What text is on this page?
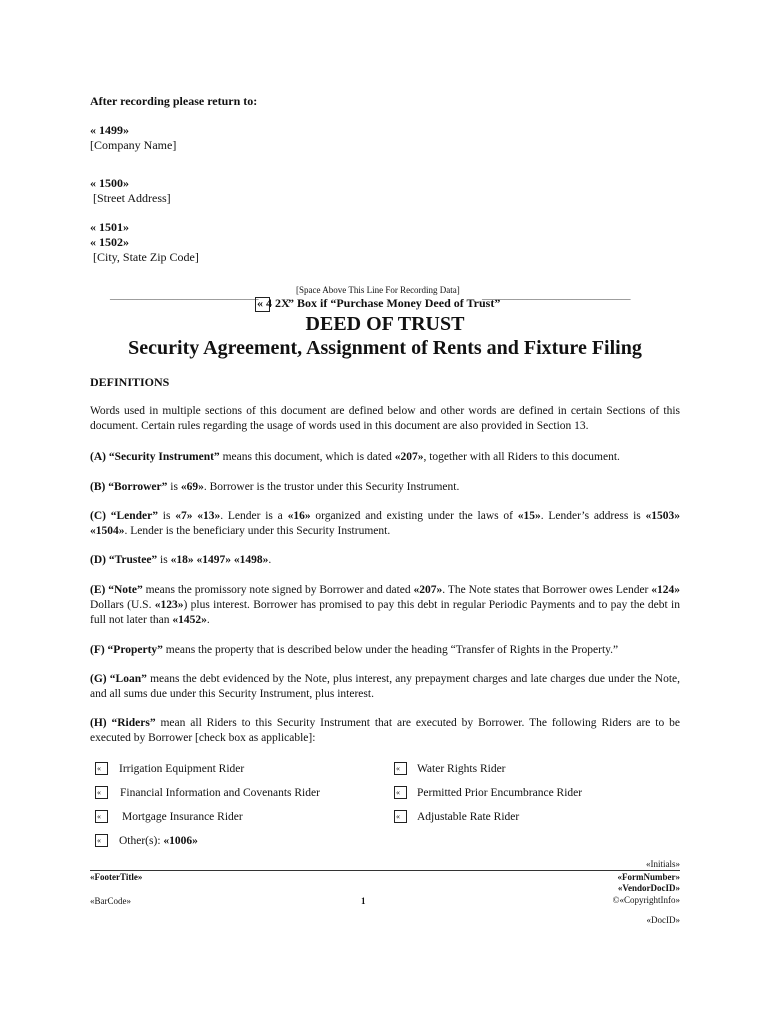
After recording please return to:
« 1499»
[Company Name]
« 1500»
[Street Address]
« 1501»
« 1502»
[City, State Zip Code]
_________________________________
[Space Above This Line For Recording Data]
_________________________________
« 4 2X
” Box if “Purchase Money Deed of Trust”
DEED OF TRUST
Security Agreement, Assignment of Rents and Fixture Filing
DEFINITIONS
Words used in multiple sections of this document are defined below and other words are defined in certain Sections of this document. Certain rules regarding the usage of words used in this document are also provided in Section 13.
(A) “Security Instrument” means this document, which is dated «207», together with all Riders to this document.
(B) “Borrower” is «69». Borrower is the trustor under this Security Instrument.
(C) “Lender” is «7» «13». Lender is a «16» organized and existing under the laws of «15». Lender’s address is «1503» «1504». Lender is the beneficiary under this Security Instrument.
(D) “Trustee” is «18» «1497» «1498».
(E) “Note” means the promissory note signed by Borrower and dated «207». The Note states that Borrower owes Lender «124» Dollars (U.S. «123») plus interest. Borrower has promised to pay this debt in regular Periodic Payments and to pay the debt in full not later than «1452».
(F) “Property” means the property that is described below under the heading “Transfer of Rights in the Property.”
(G) “Loan” means the debt evidenced by the Note, plus interest, any prepayment charges and late charges due under the Note, and all sums due under this Security Instrument, plus interest.
(H) “Riders” mean all Riders to this Security Instrument that are executed by Borrower. The following Riders are to be executed by Borrower [check box as applicable]:
«	Irrigation Equipment Rider	«	Water Rights Rider
«	Financial Information and Covenants Rider	«	Permitted Prior Encumbrance Rider
«	Mortgage Insurance Rider	«	Adjustable Rate Rider
«	Other(s): «1006»
«Initials»
«FooterTitle»	«FormNumber»
«VendorDocID»
«BarCode»	1	©«CopyrightInfo»
«DocID»
